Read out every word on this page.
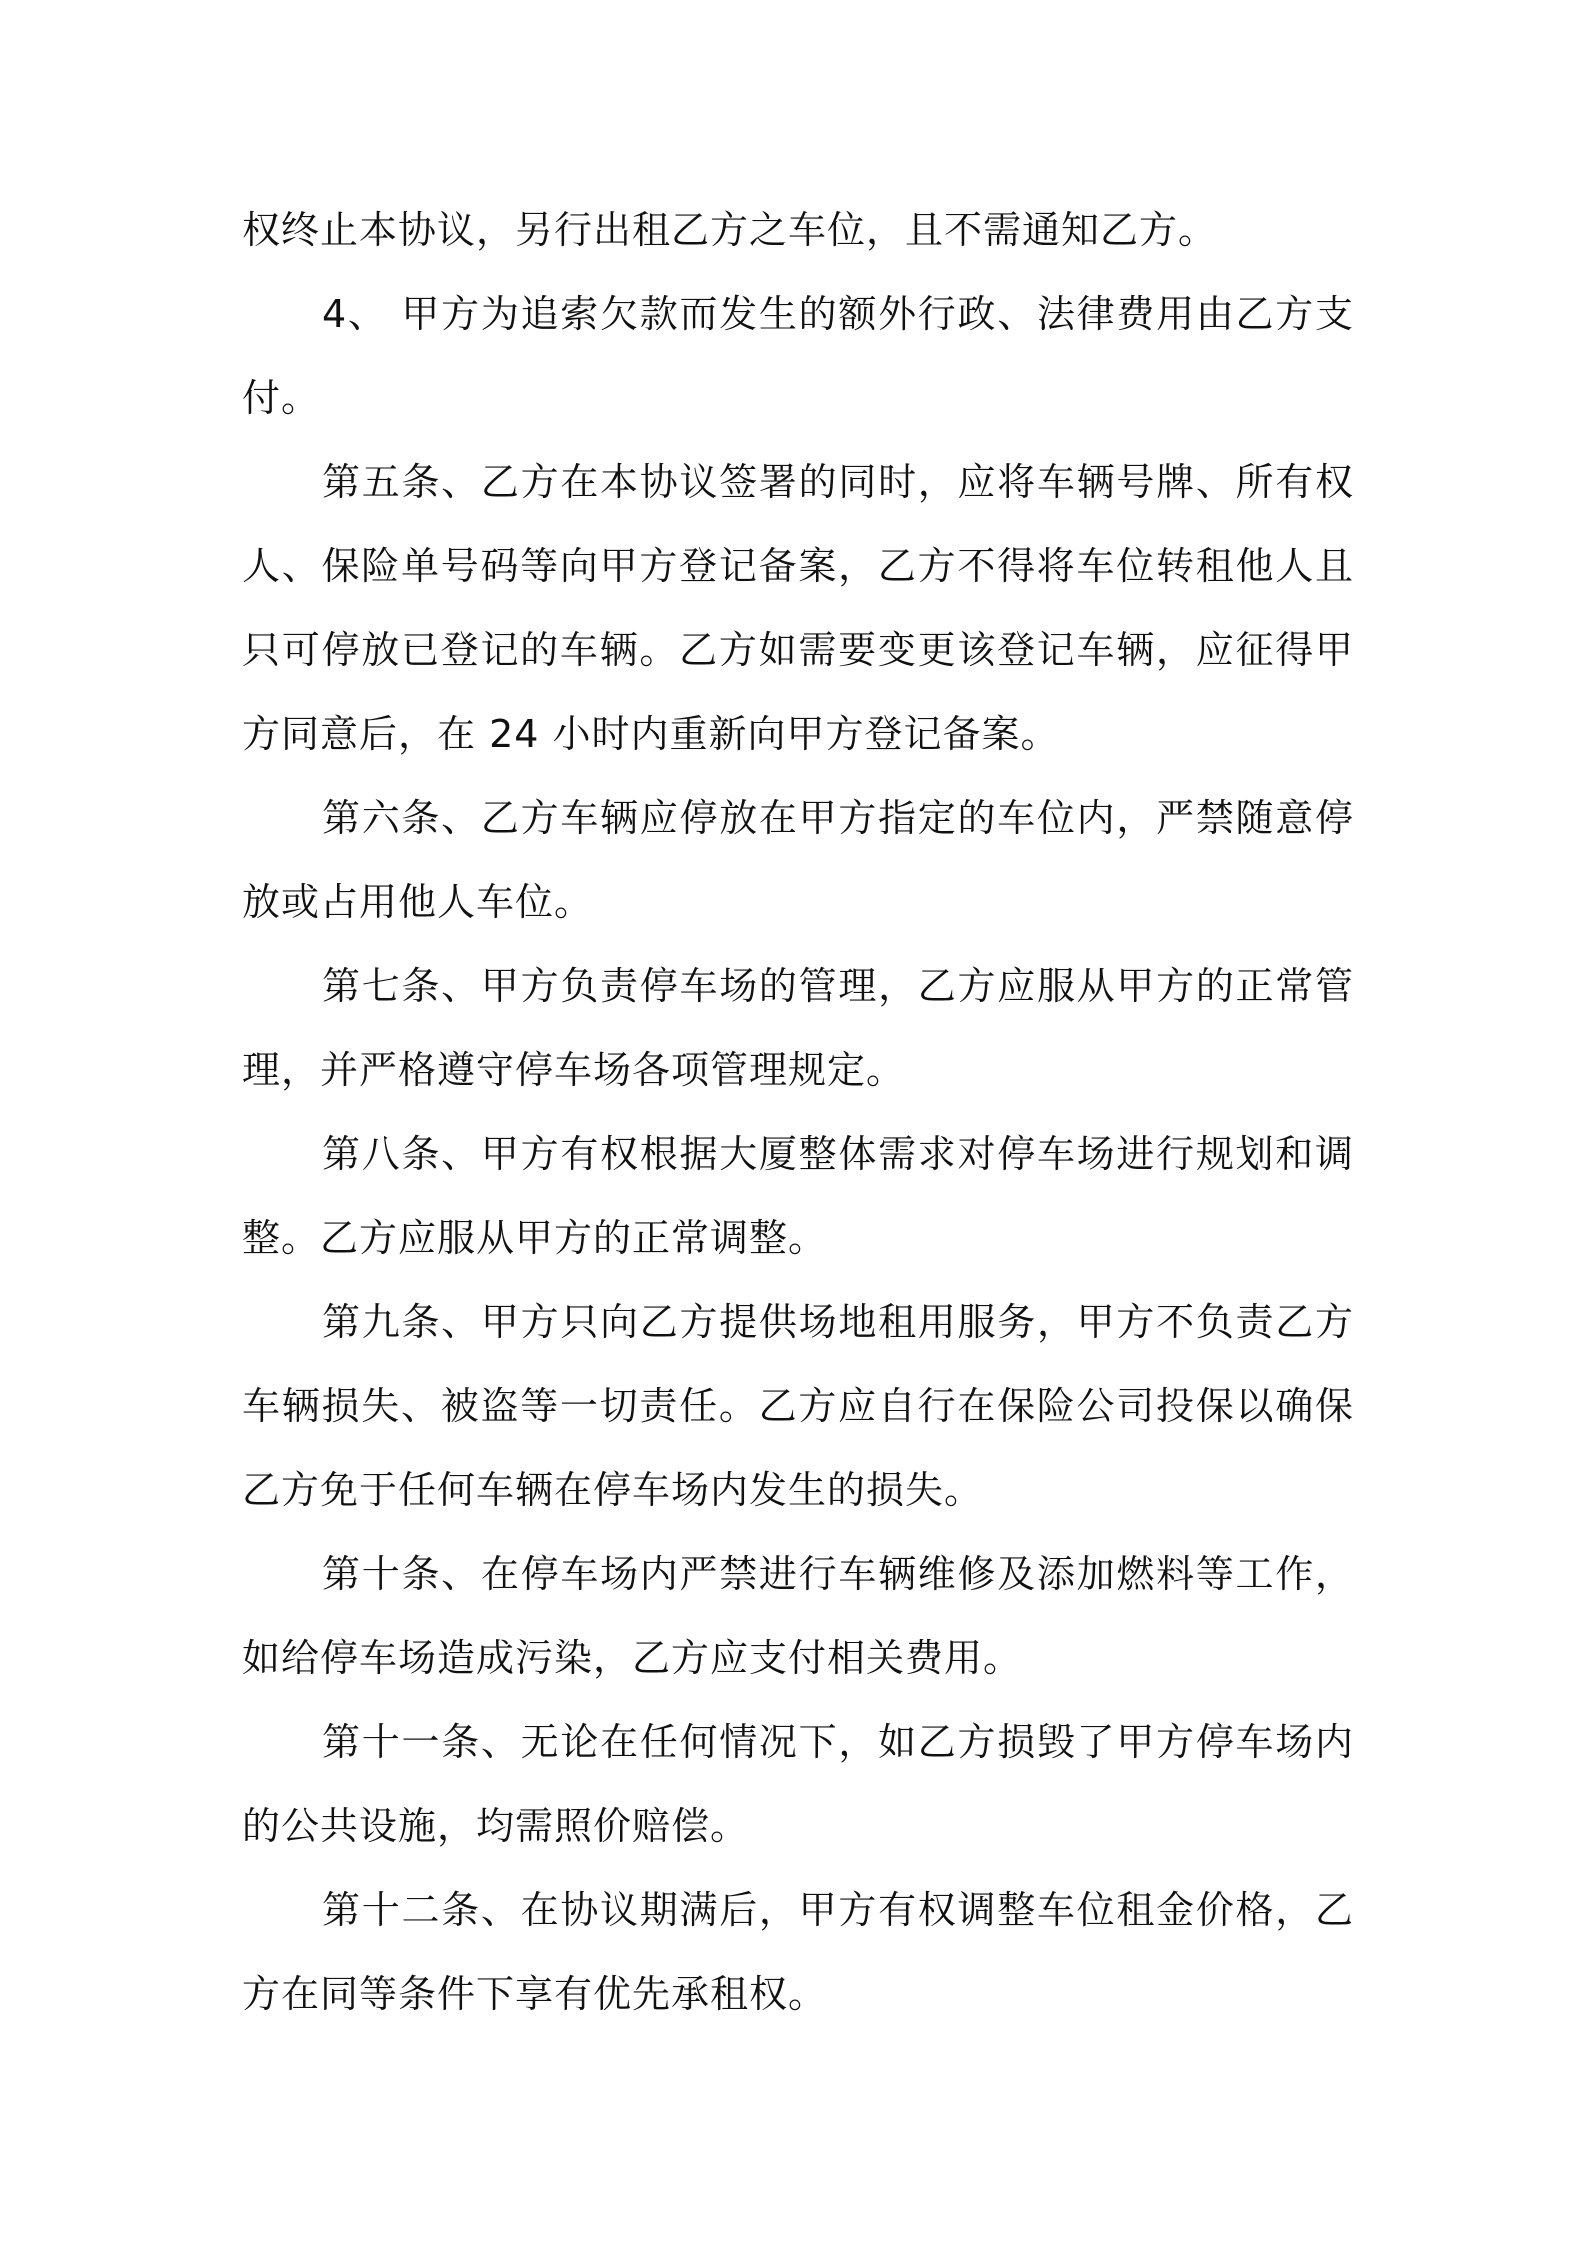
权终止本协议，另行出租乙方之车位，且不需通知乙方。

4、 甲方为追索欠款而发生的额外行政、法律费用由乙方支付。

第五条、乙方在本协议签署的同时，应将车辆号牌、所有权人、保险单号码等向甲方登记备案，乙方不得将车位转租他人且只可停放已登记的车辆。乙方如需要变更该登记车辆，应征得甲方同意后，在 24 小时内重新向甲方登记备案。

第六条、乙方车辆应停放在甲方指定的车位内，严禁随意停放或占用他人车位。

第七条、甲方负责停车场的管理，乙方应服从甲方的正常管理，并严格遵守停车场各项管理规定。

第八条、甲方有权根据大厦整体需求对停车场进行规划和调整。乙方应服从甲方的正常调整。

第九条、甲方只向乙方提供场地租用服务，甲方不负责乙方车辆损失、被盗等一切责任。乙方应自行在保险公司投保以确保乙方免于任何车辆在停车场内发生的损失。

第十条、在停车场内严禁进行车辆维修及添加燃料等工作，如给停车场造成污染，乙方应支付相关费用。

第十一条、无论在任何情况下，如乙方损毁了甲方停车场内的公共设施，均需照价赔偿。

第十二条、在协议期满后，甲方有权调整车位租金价格，乙方在同等条件下享有优先承租权。
